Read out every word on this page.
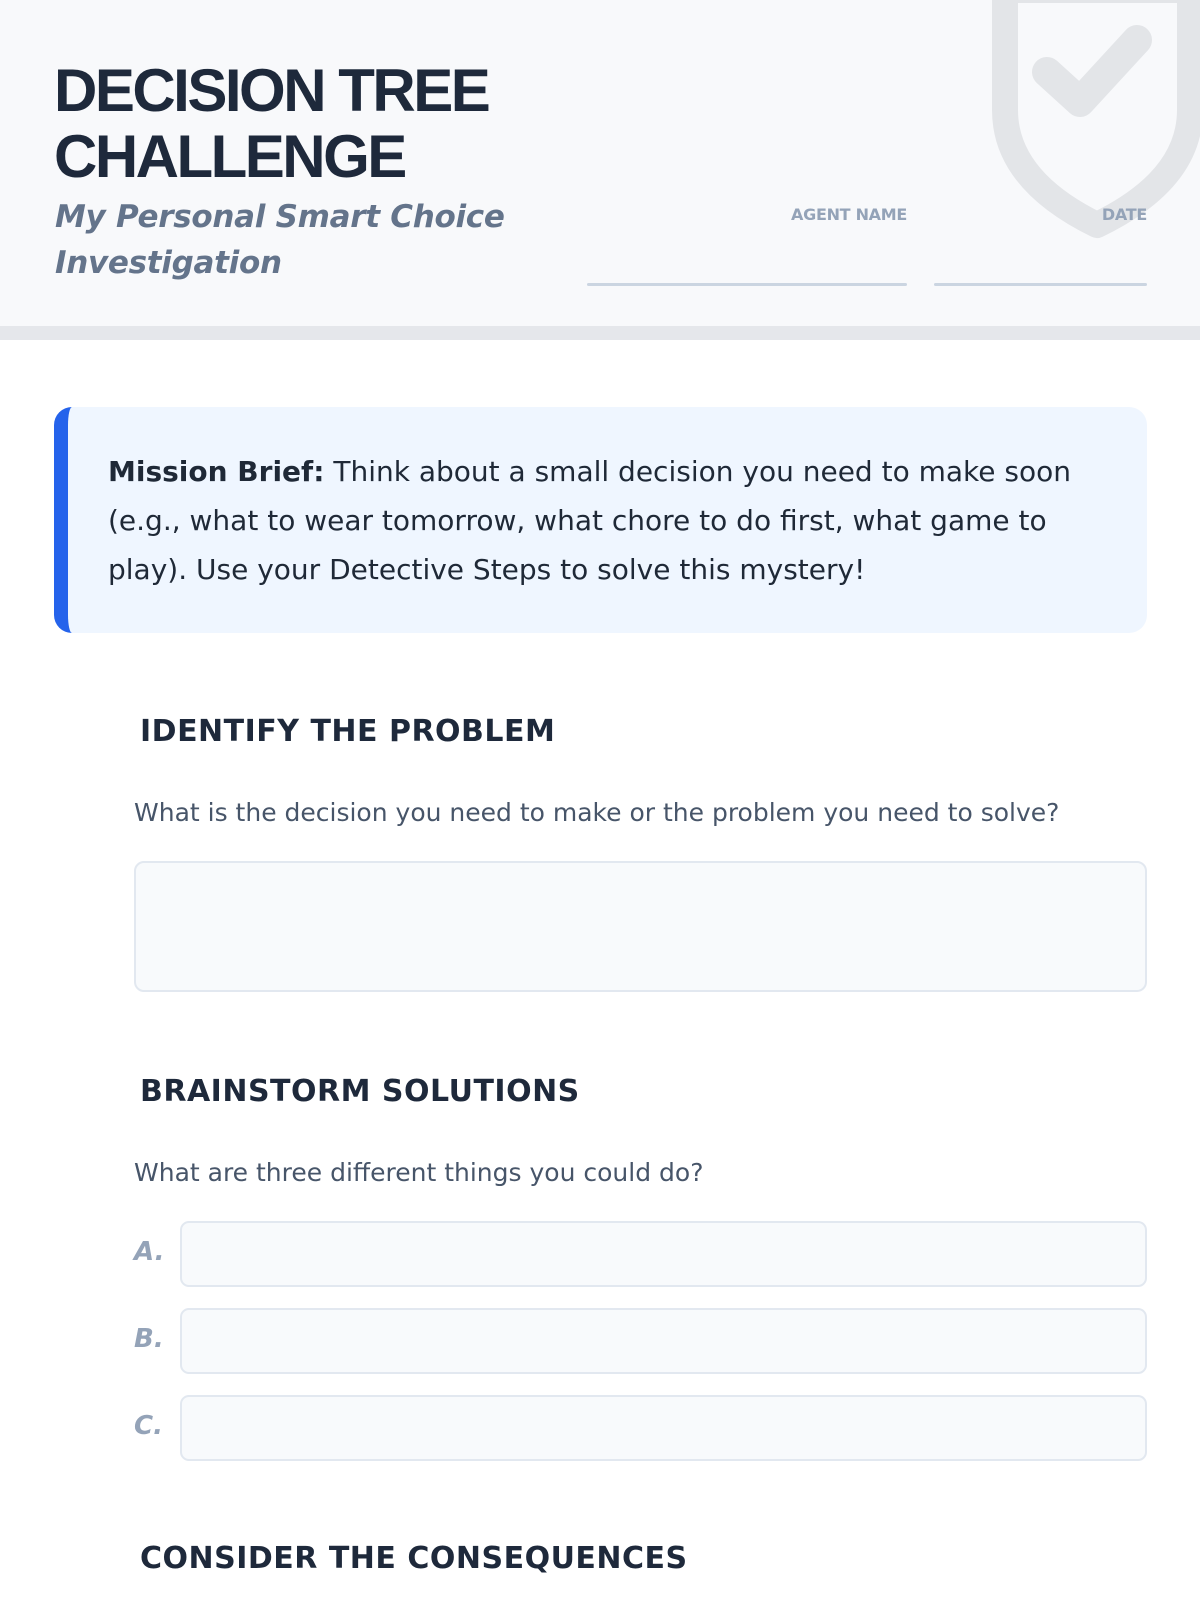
DECISION TREE
CHALLENGE
My Personal Smart Choice Investigation
AGENT NAME	DATE
Mission Brief: Think about a small decision you need to make soon (e.g., what to wear tomorrow, what chore to do first, what game to play). Use your Detective Steps to solve this mystery!
IDENTIFY THE PROBLEM
What is the decision you need to make or the problem you need to solve?
BRAINSTORM SOLUTIONS
What are three different things you could do?
A.
B.
C.
CONSIDER THE CONSEQUENCES
